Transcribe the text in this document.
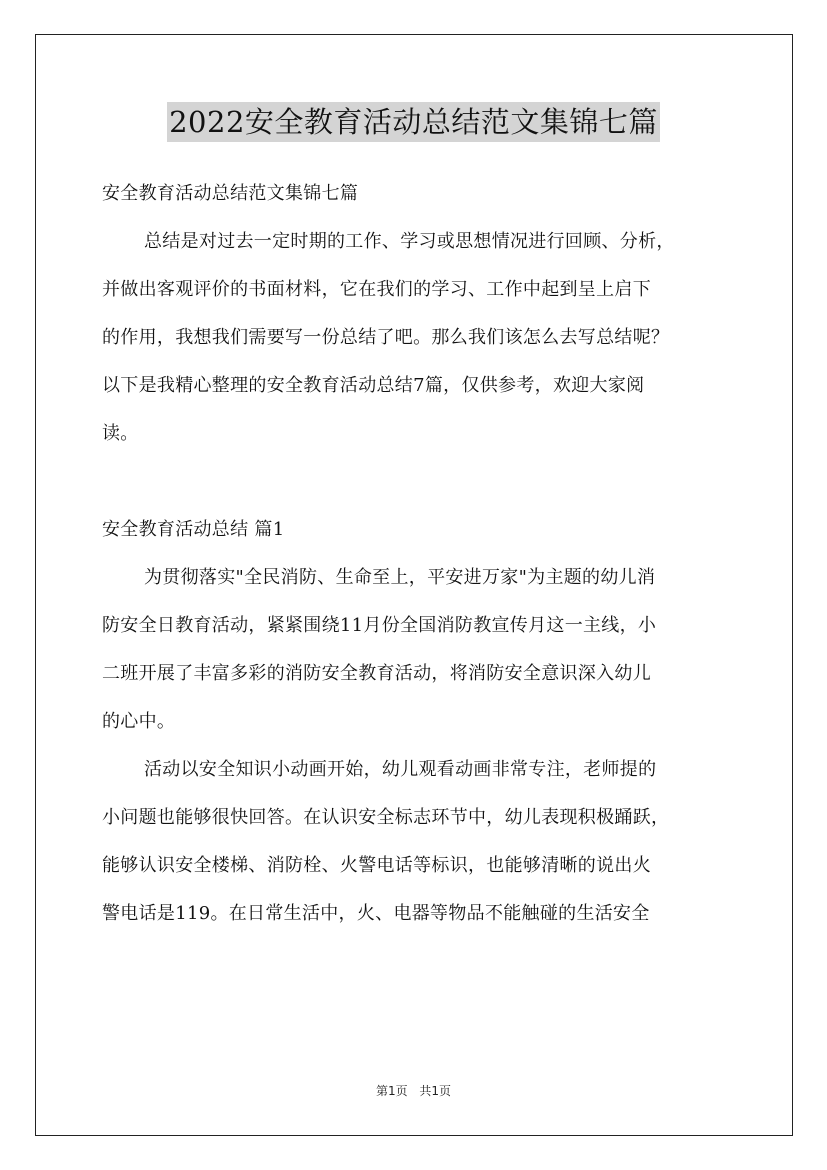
2022安全教育活动总结范文集锦七篇
安全教育活动总结范文集锦七篇
总结是对过去一定时期的工作、学习或思想情况进行回顾、分析，
并做出客观评价的书面材料，它在我们的学习、工作中起到呈上启下
的作用，我想我们需要写一份总结了吧。那么我们该怎么去写总结呢？
以下是我精心整理的安全教育活动总结7篇，仅供参考，欢迎大家阅
读。
安全教育活动总结 篇1
为贯彻落实"全民消防、生命至上，平安进万家"为主题的幼儿消
防安全日教育活动，紧紧围绕11月份全国消防教宣传月这一主线，小
二班开展了丰富多彩的消防安全教育活动，将消防安全意识深入幼儿
的心中。
活动以安全知识小动画开始，幼儿观看动画非常专注，老师提的
小问题也能够很快回答。在认识安全标志环节中，幼儿表现积极踊跃，
能够认识安全楼梯、消防栓、火警电话等标识，也能够清晰的说出火
警电话是119。在日常生活中，火、电器等物品不能触碰的生活安全
第1页 共1页
